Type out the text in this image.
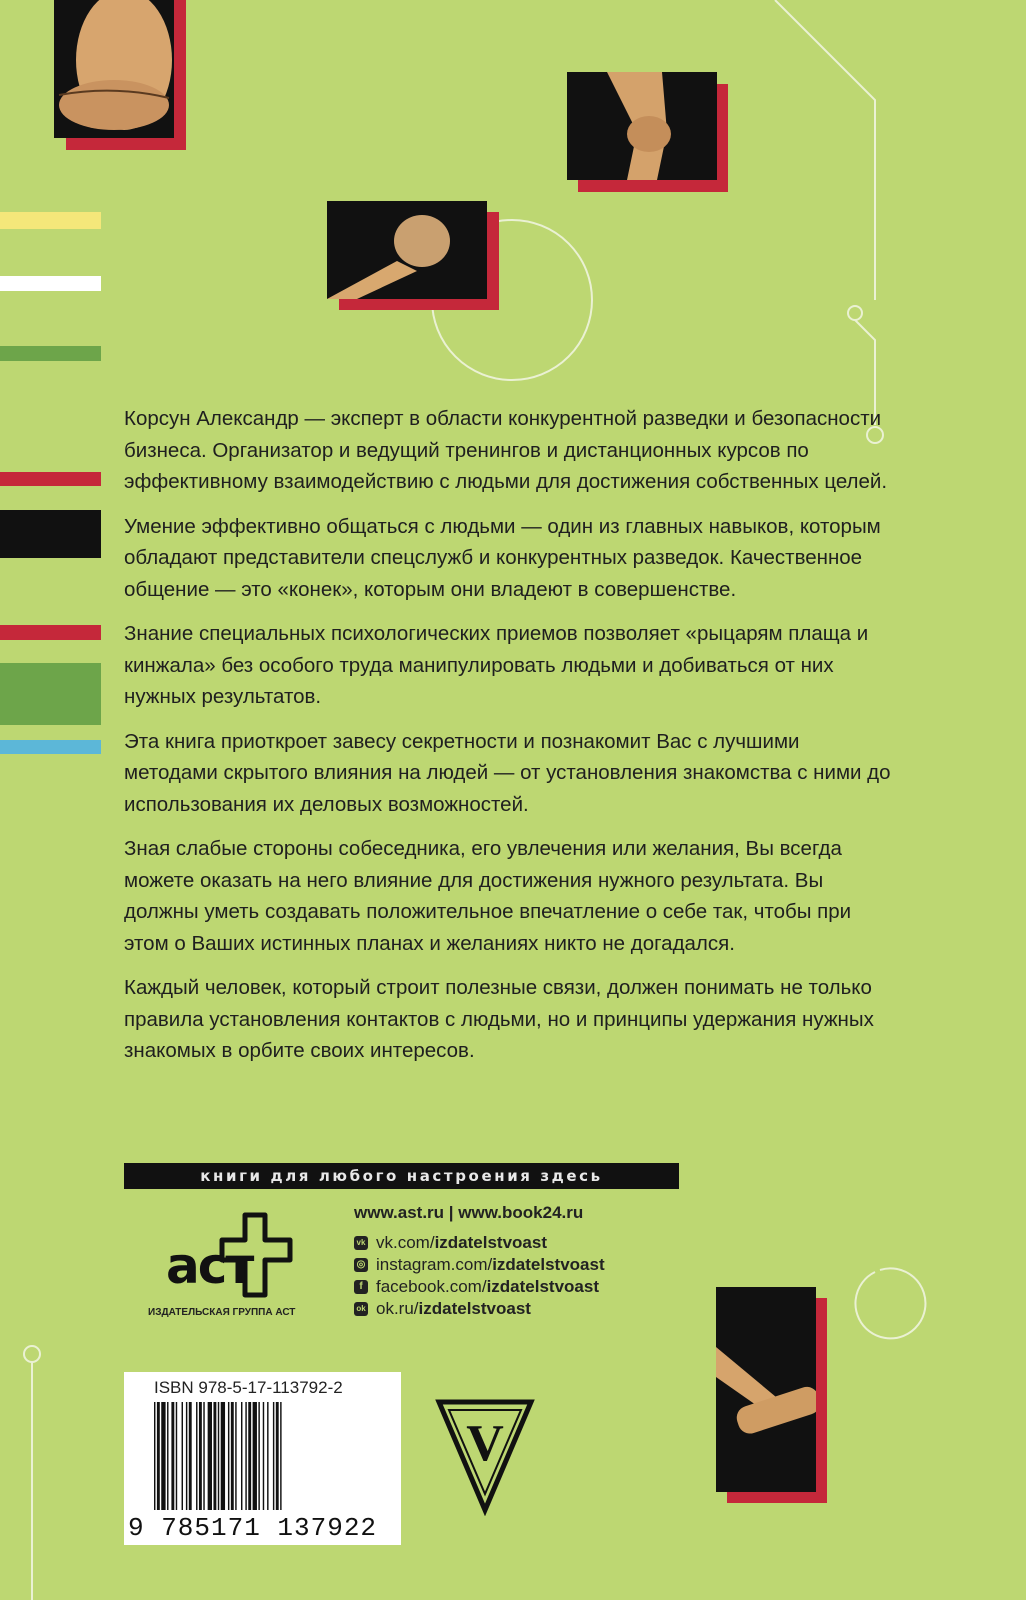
Корсун Александр — эксперт в области конкурентной разведки и безопасности бизнеса. Организатор и ведущий тренингов и дистанционных курсов по эффективному взаимодействию с людьми для достижения собственных целей.

Умение эффективно общаться с людьми — один из главных навыков, которым обладают представители спецслужб и конкурентных разведок. Качественное общение — это «конек», которым они владеют в совершенстве.

Знание специальных психологических приемов позволяет «рыцарям плаща и кинжала» без особого труда манипулировать людьми и добиваться от них нужных результатов.

Эта книга приоткроет завесу секретности и познакомит Вас с лучшими методами скрытого влияния на людей — от установления знакомства с ними до использования их деловых возможностей.

Зная слабые стороны собеседника, его увлечения или желания, Вы всегда можете оказать на него влияние для достижения нужного результата. Вы должны уметь создавать положительное впечатление о себе так, чтобы при этом о Ваших истинных планах и желаниях никто не догадался.

Каждый человек, который строит полезные связи, должен понимать не только правила установления контактов с людьми, но и принципы удержания нужных знакомых в орбите своих интересов.

книги для любого настроения здесь
аст
ИЗДАТЕЛЬСКАЯ ГРУППА АСТ
www.ast.ru | www.book24.ru
vk vk.com/ izdatelstvoast
◎ instagram.com/ izdatelstvoast
f facebook.com/ izdatelstvoast
ok ok.ru/ izdatelstvoast
ISBN 978-5-17-113792-2
9 785171 137922
V
